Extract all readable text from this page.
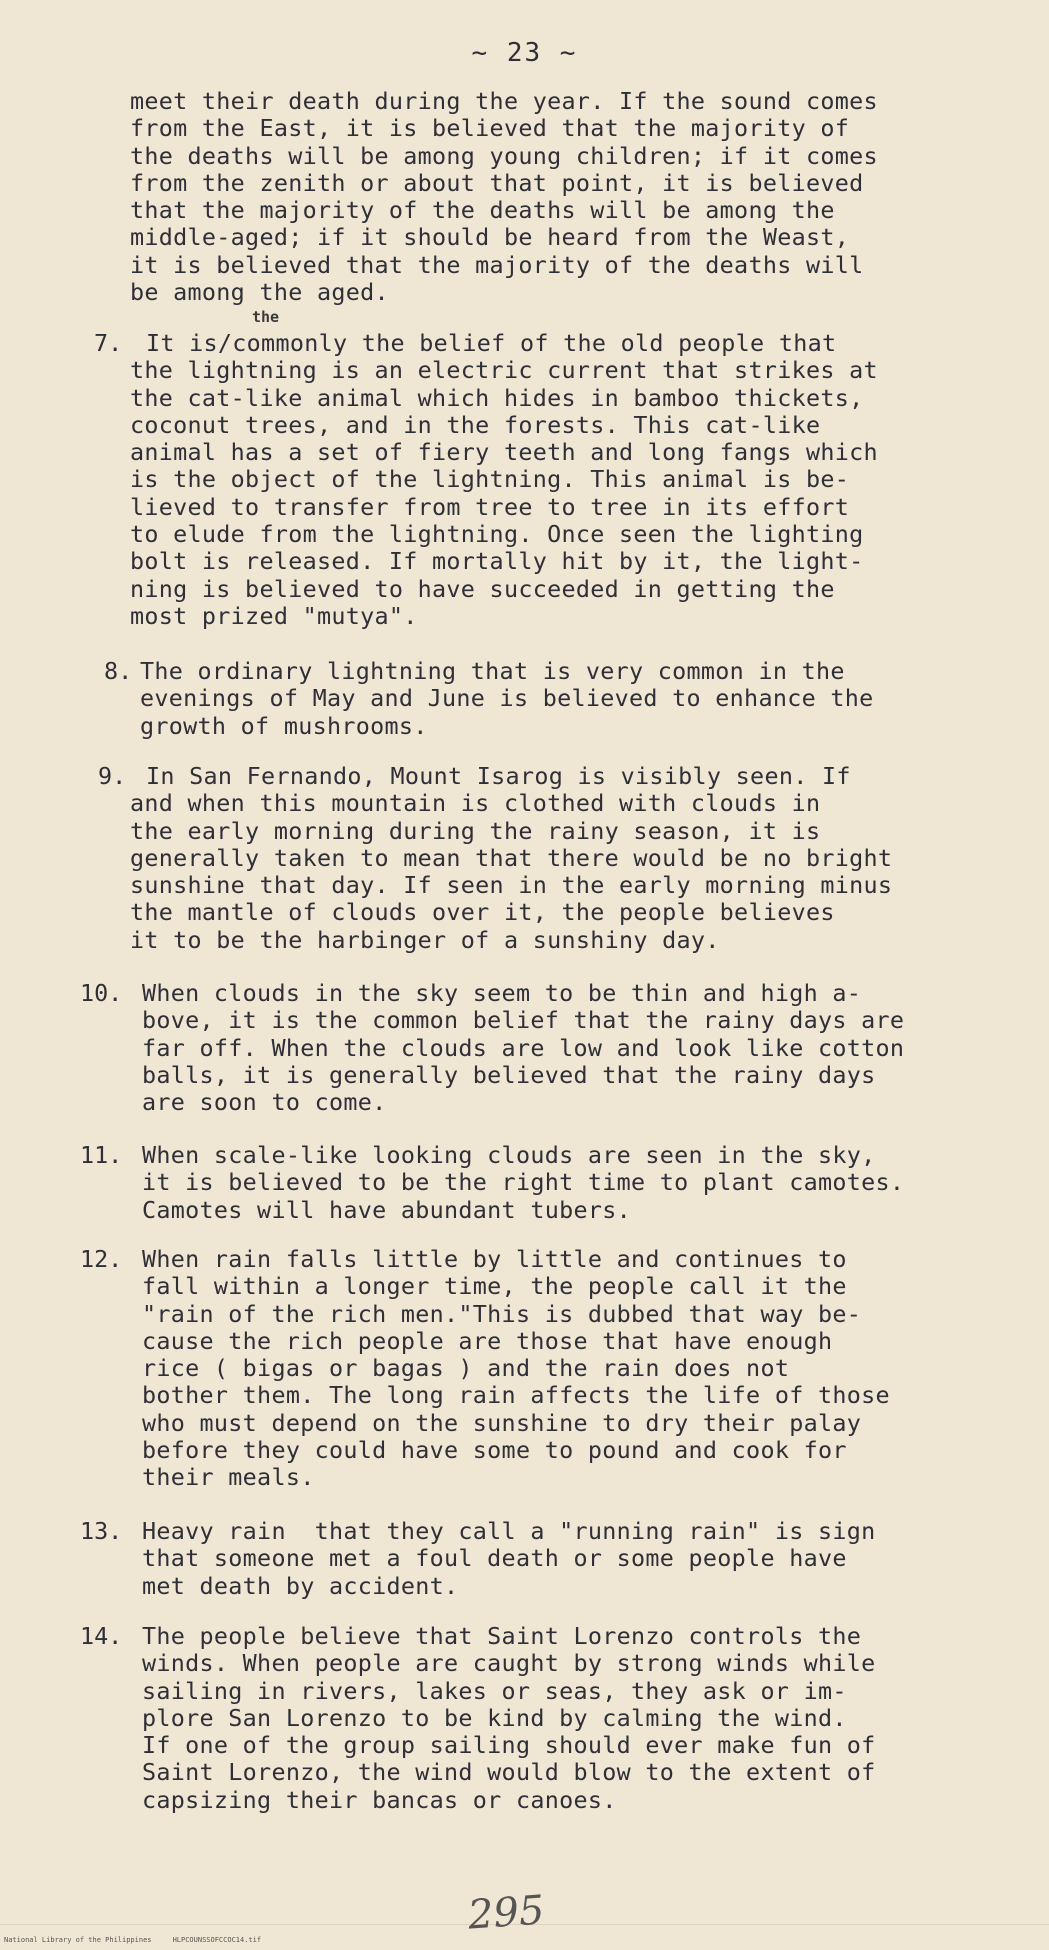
~ 23 ~
meet their death during the year. If the sound comes
from the East, it is believed that the majority of
the deaths will be among young children; if it comes
from the zenith or about that point, it is believed
that the majority of the deaths will be among the
middle-aged; if it should be heard from the Weast,
it is believed that the majority of the deaths will
be among the aged.
the
7.	It is/commonly the belief of the old people that
the lightning is an electric current that strikes at
the cat-like animal which hides in bamboo thickets,
coconut trees, and in the forests. This cat-like
animal has a set of fiery teeth and long fangs which
is the object of the lightning. This animal is be-
lieved to transfer from tree to tree in its effort
to elude from the lightning. Once seen the lighting
bolt is released. If mortally hit by it, the light-
ning is believed to have succeeded in getting the
most prized "mutya".
8. The ordinary lightning that is very common in the
evenings of May and June is believed to enhance the
growth of mushrooms.
9. In San Fernando, Mount Isarog is visibly seen. If
and when this mountain is clothed with clouds in
the early morning during the rainy season, it is
generally taken to mean that there would be no bright
sunshine that day. If seen in the early morning minus
the mantle of clouds over it, the people believes
it to be the harbinger of a sunshiny day.
10. When clouds in the sky seem to be thin and high a-
bove, it is the common belief that the rainy days are
far off. When the clouds are low and look like cotton
balls, it is generally believed that the rainy days
are soon to come.
11. When scale-like looking clouds are seen in the sky,
it is believed to be the right time to plant camotes.
Camotes will have abundant tubers.
12. When rain falls little by little and continues to
fall within a longer time, the people call it the
"rain of the rich men."This is dubbed that way be-
cause the rich people are those that have enough
rice ( bigas or bagas ) and the rain does not
bother them. The long rain affects the life of those
who must depend on the sunshine to dry their palay
before they could have some to pound and cook for
their meals.
13. Heavy rain  that they call a "running rain" is sign
that someone met a foul death or some people have
met death by accident.
14. The people believe that Saint Lorenzo controls the
winds. When people are caught by strong winds while
sailing in rivers, lakes or seas, they ask or im-
plore San Lorenzo to be kind by calming the wind.
If one of the group sailing should ever make fun of
Saint Lorenzo, the wind would blow to the extent of
capsizing their bancas or canoes.
295
National Library of the Philippines     HLPCOUNSSOFCCOC14.tif
